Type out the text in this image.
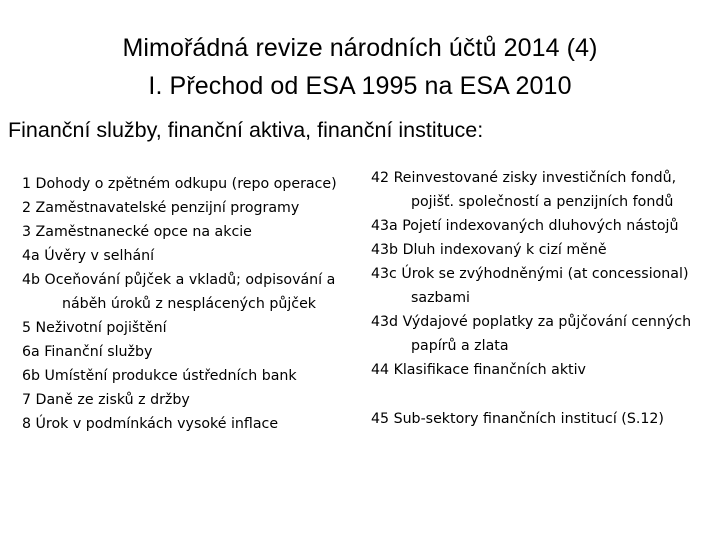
Mimořádná revize národních účtů 2014 (4)
I. Přechod od ESA 1995 na ESA 2010
Finanční služby, finanční aktiva, finanční instituce:

1 Dohody o zpětném odkupu (repo operace)

2 Zaměstnavatelské penzijní programy

3 Zaměstnanecké opce na akcie

4a Úvěry v selhání

4b Oceňování půjček a vkladů; odpisování a náběh úroků z nesplácených půjček

5 Neživotní pojištění

6a Finanční služby

6b Umístění produkce ústředních bank

7 Daně ze zisků z držby

8 Úrok v podmínkách vysoké inflace

42 Reinvestované zisky investičních fondů, pojišť. společností a penzijních fondů

43a Pojetí indexovaných dluhových nástojů

43b Dluh indexovaný k cizí měně

43c Úrok se zvýhodněnými (at concessional) sazbami

43d Výdajové poplatky za půjčování cenných papírů a zlata

44 Klasifikace finančních aktiv

45 Sub-sektory finančních institucí (S.12)
